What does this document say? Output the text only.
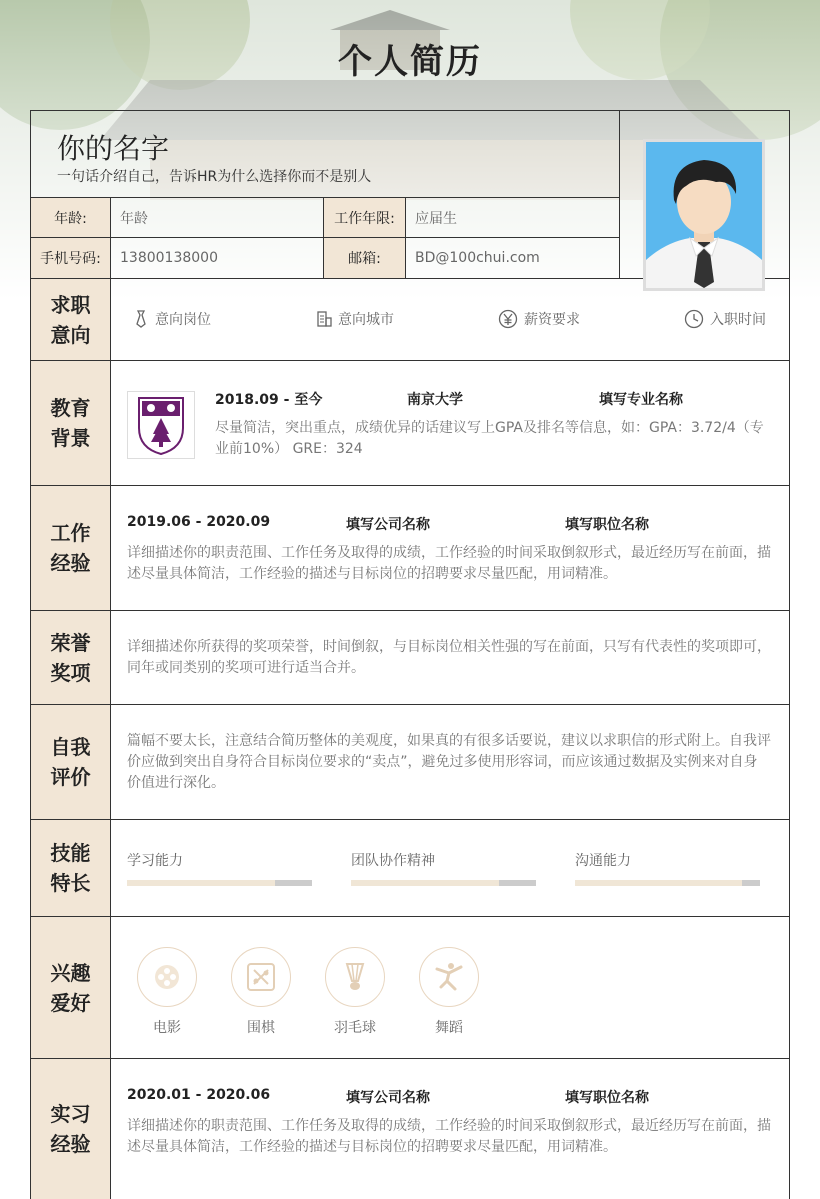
个人简历
你的名字
一句话介绍自己，告诉HR为什么选择你而不是别人
年龄:	年龄	工作年限:	应届生
手机号码:	13800138000	邮箱:	BD@100chui.com
求职意向
意向岗位	意向城市	薪资要求	入职时间
教育背景
2018.09 - 至今	南京大学	填写专业名称
尽量简洁，突出重点，成绩优异的话建议写上GPA及排名等信息，如：GPA：3.72/4（专
业前10%） GRE：324
工作经验
2019.06 - 2020.09	填写公司名称	填写职位名称
详细描述你的职责范围、工作任务及取得的成绩，工作经验的时间采取倒叙形式，最近经历写在前面，描
述尽量具体简洁，工作经验的描述与目标岗位的招聘要求尽量匹配，用词精准。
荣誉奖项
详细描述你所获得的奖项荣誉，时间倒叙，与目标岗位相关性强的写在前面，只写有代表性的奖项即可，
同年或同类别的奖项可进行适当合并。
自我评价
篇幅不要太长，注意结合简历整体的美观度，如果真的有很多话要说，建议以求职信的形式附上。自我评
价应做到突出自身符合目标岗位要求的“卖点”，避免过多使用形容词，而应该通过数据及实例来对自身
价值进行深化。
技能特长
学习能力	团队协作精神	沟通能力
兴趣爱好
电影	围棋	羽毛球	舞蹈
实习经验
2020.01 - 2020.06	填写公司名称	填写职位名称
详细描述你的职责范围、工作任务及取得的成绩，工作经验的时间采取倒叙形式，最近经历写在前面，描
述尽量具体简洁，工作经验的描述与目标岗位的招聘要求尽量匹配，用词精准。
